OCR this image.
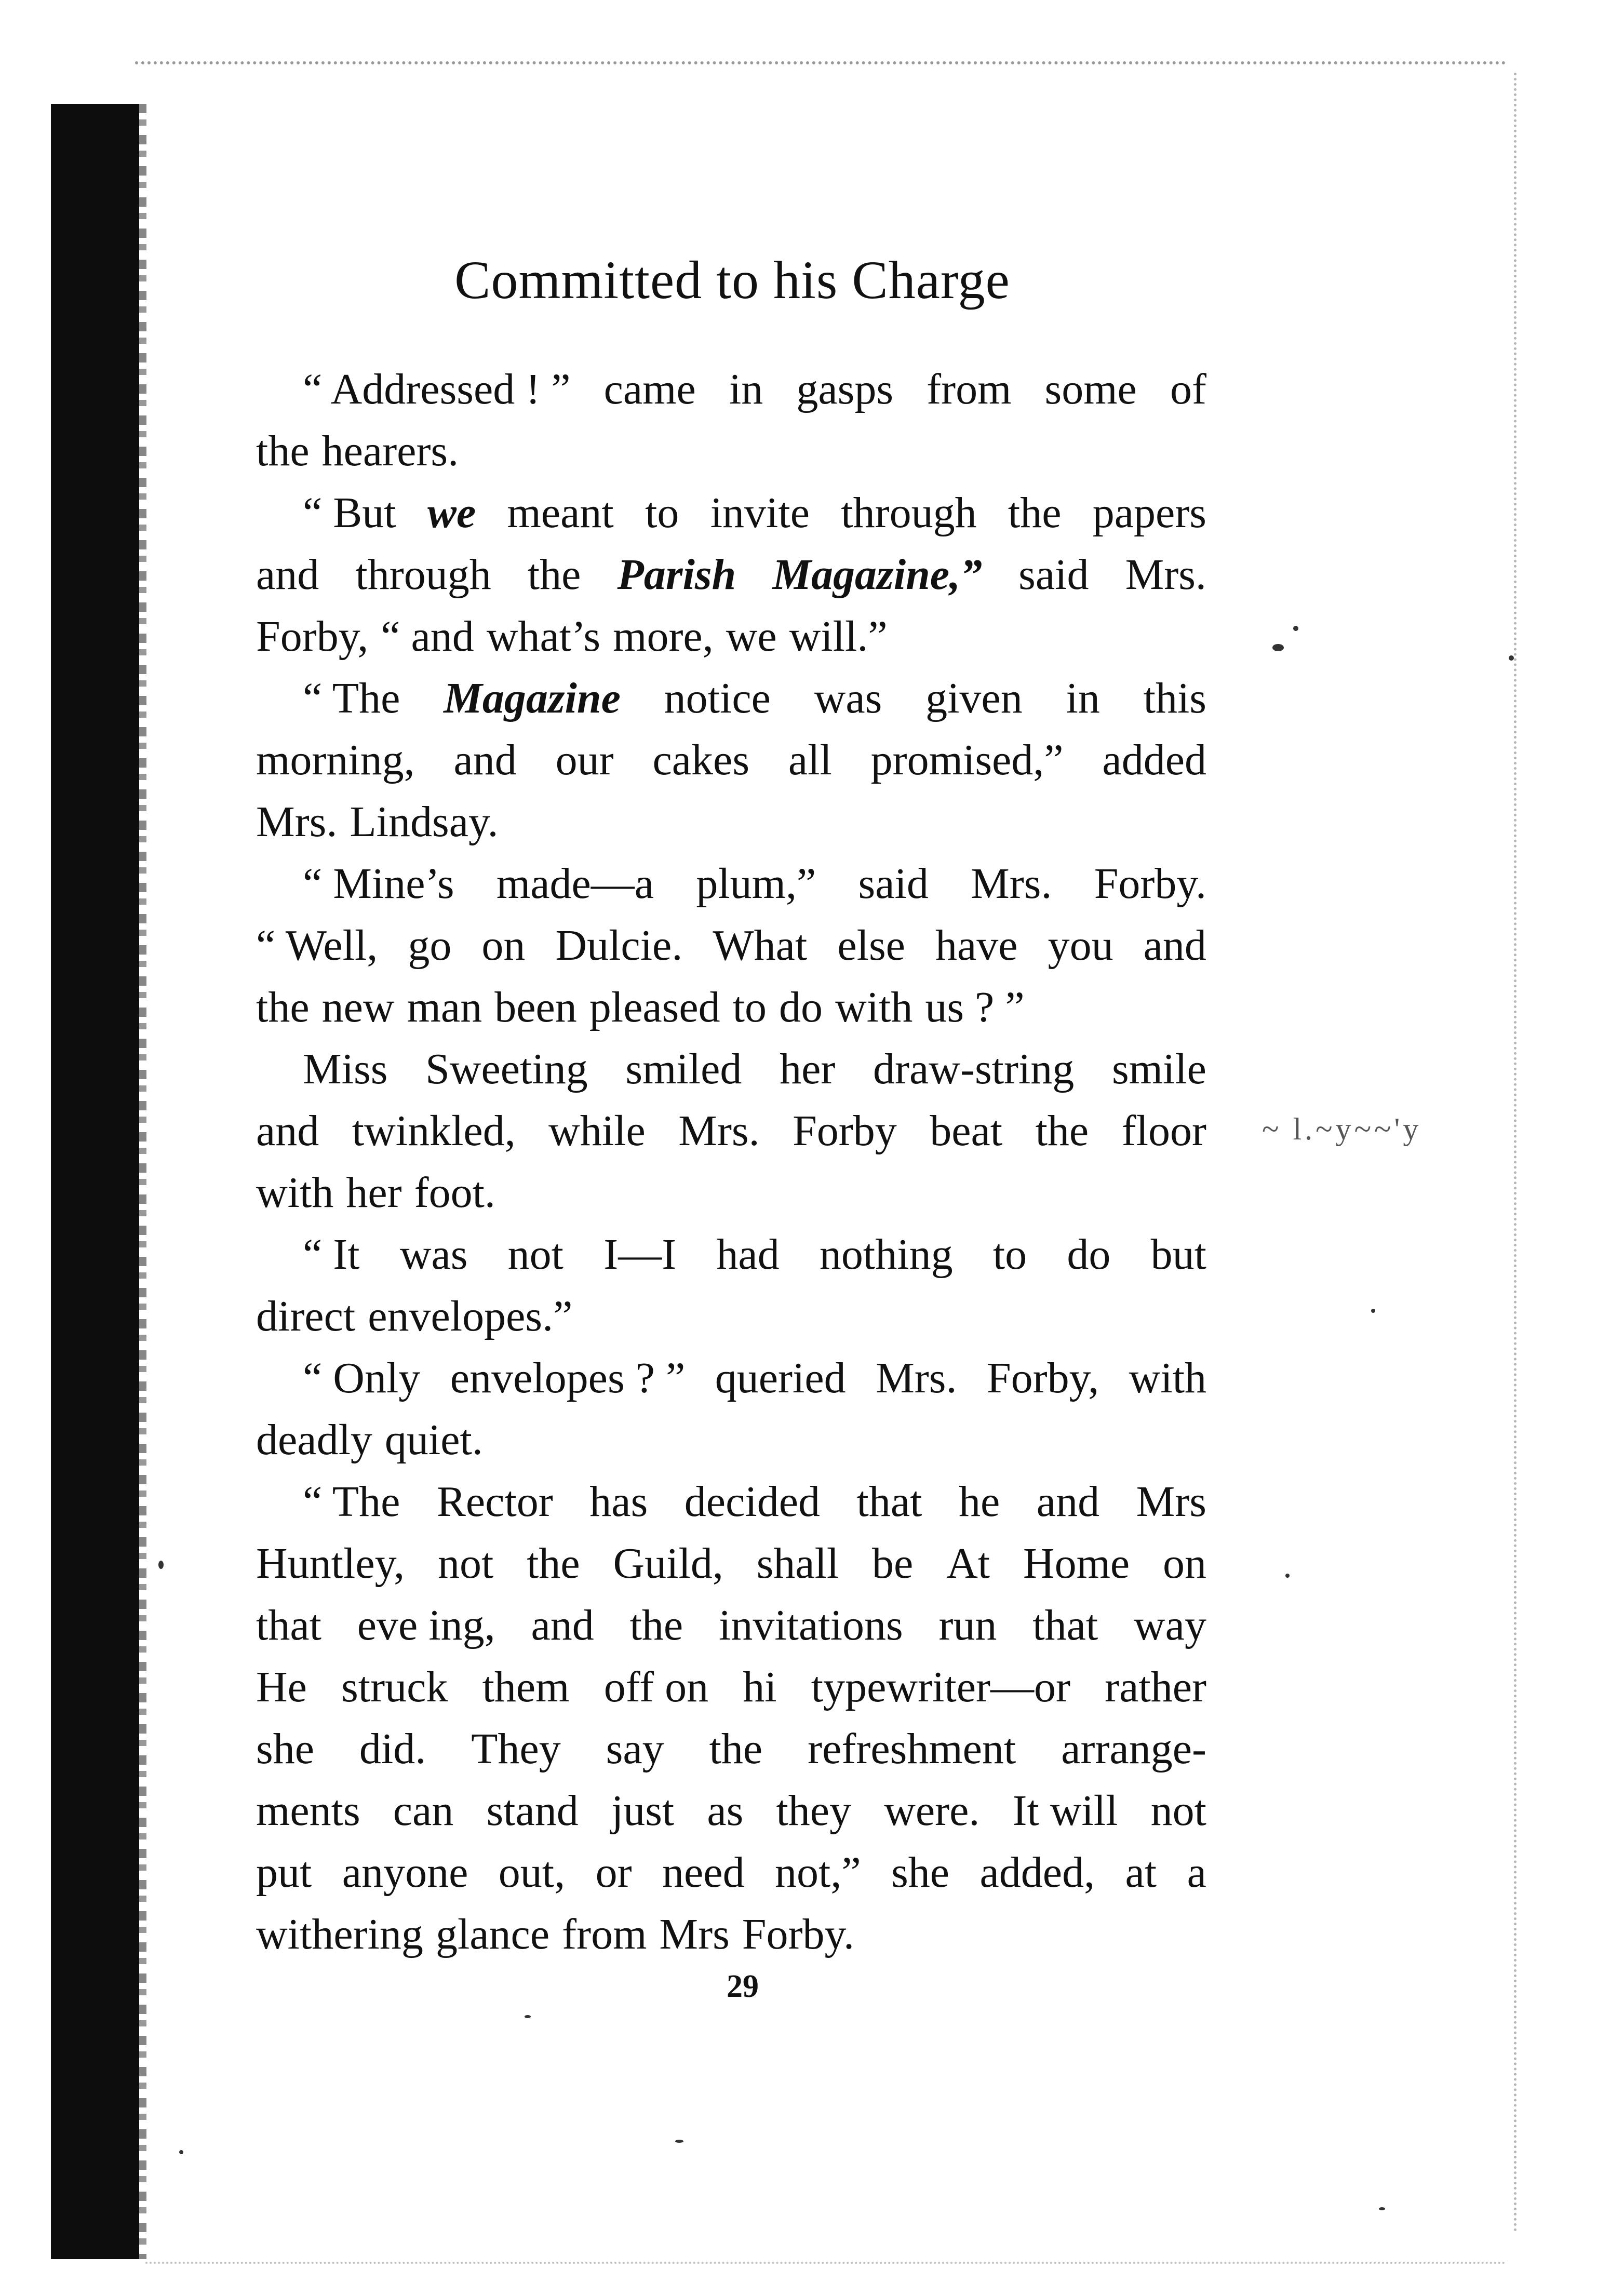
~ l.~y~~'y
Committed to his Charge
“ Addressed ! ” came in gasps from some of
the hearers.
“ But we meant to invite through the papers
and through the Parish Magazine,” said Mrs.
Forby, “ and what’s more, we will.”
“ The Magazine notice was given in this
morning, and our cakes all promised,” added
Mrs. Lindsay.
“ Mine’s made—a plum,” said Mrs. Forby.
“ Well, go on Dulcie. What else have you and
the new man been pleased to do with us ? ”
Miss Sweeting smiled her draw-string smile
and twinkled, while Mrs. Forby beat the floor
with her foot.
“ It was not I—I had nothing to do but
direct envelopes.”
“ Only envelopes ? ” queried Mrs. Forby, with
deadly quiet.
“ The Rector has decided that he and Mrs
Huntley, not the Guild, shall be At Home on
that eve ing, and the invitations run that way
He struck them off on hi typewriter—or rather
she did. They say the refreshment arrange-
ments can stand just as they were. It will not
put anyone out, or need not,” she added, at a
withering glance from Mrs Forby.
29
